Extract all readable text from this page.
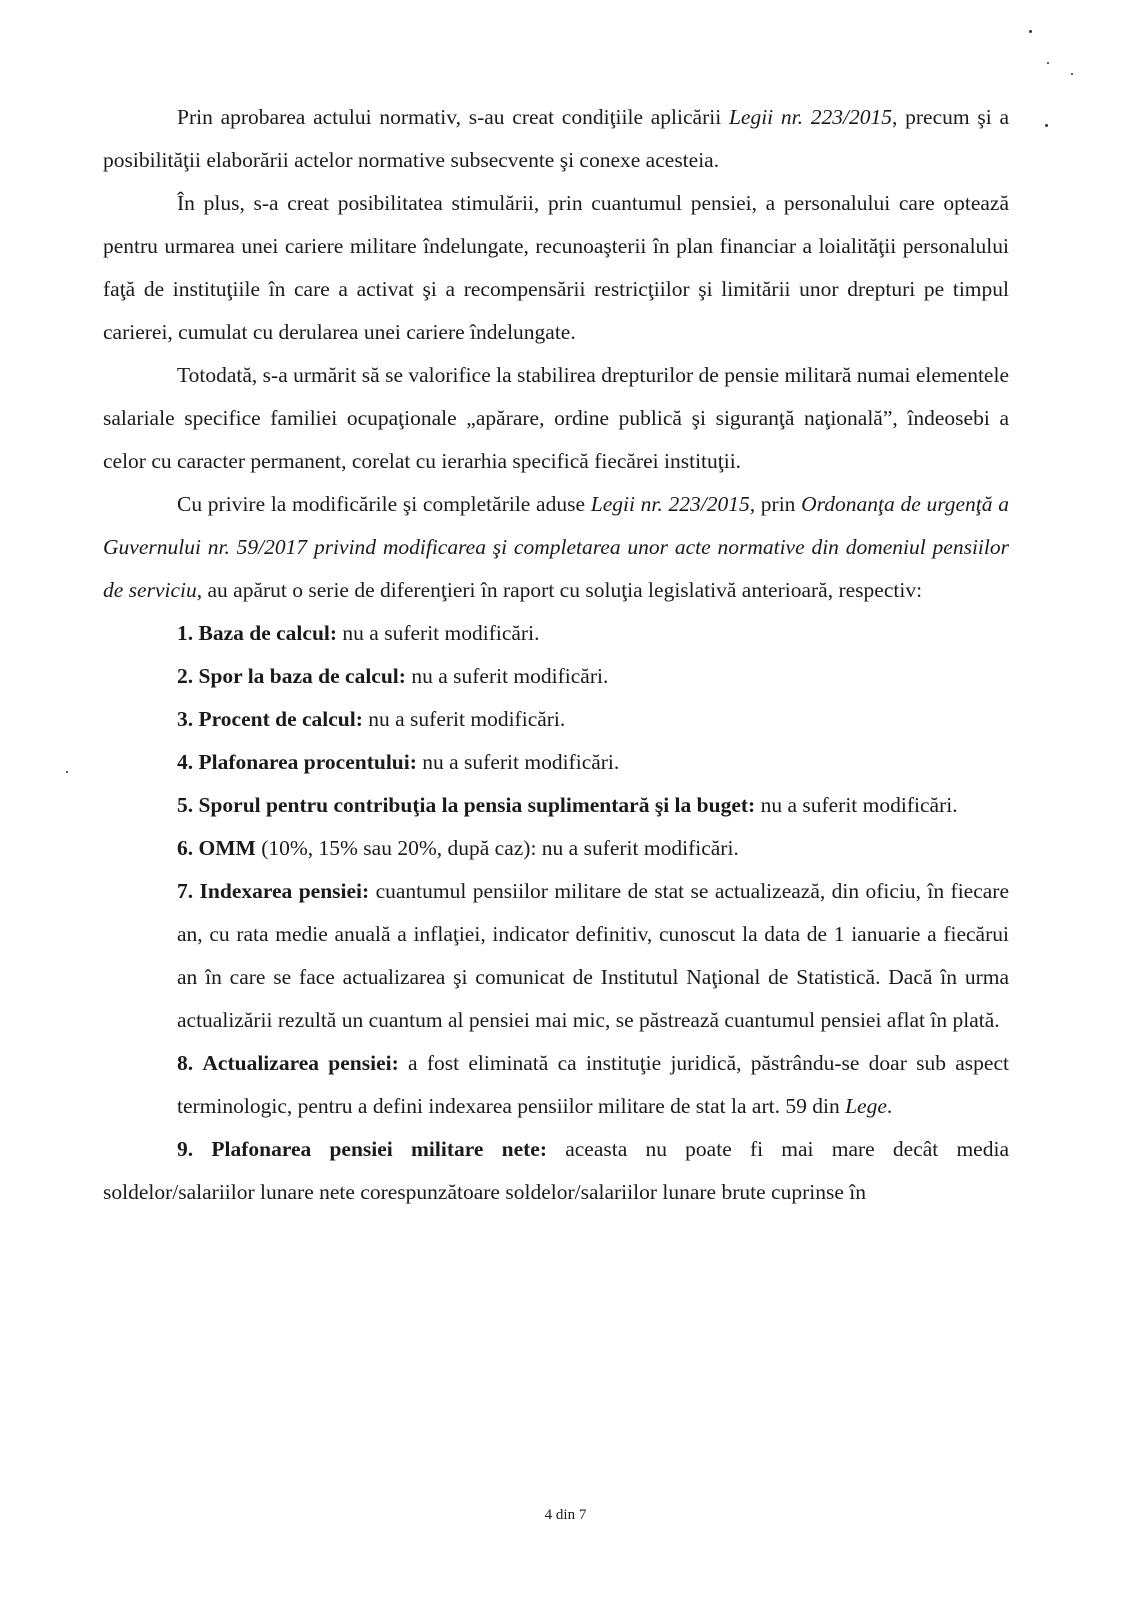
Prin aprobarea actului normativ, s-au creat condiţiile aplicării Legii nr. 223/2015, precum şi a posibilităţii elaborării actelor normative subsecvente şi conexe acesteia.

În plus, s-a creat posibilitatea stimulării, prin cuantumul pensiei, a personalului care optează pentru urmarea unei cariere militare îndelungate, recunoaşterii în plan financiar a loialităţii personalului faţă de instituţiile în care a activat şi a recompensării restricţiilor şi limitării unor drepturi pe timpul carierei, cumulat cu derularea unei cariere îndelungate.

Totodată, s-a urmărit să se valorifice la stabilirea drepturilor de pensie militară numai elementele salariale specifice familiei ocupaţionale „apărare, ordine publică şi siguranţă naţională”, îndeosebi a celor cu caracter permanent, corelat cu ierarhia specifică fiecărei instituţii.

Cu privire la modificările şi completările aduse Legii nr. 223/2015, prin Ordonanţa de urgenţă a Guvernului nr. 59/2017 privind modificarea şi completarea unor acte normative din domeniul pensiilor de serviciu, au apărut o serie de diferenţieri în raport cu soluţia legislativă anterioară, respectiv:

1. Baza de calcul: nu a suferit modificări.

2. Spor la baza de calcul: nu a suferit modificări.

3. Procent de calcul: nu a suferit modificări.

4. Plafonarea procentului: nu a suferit modificări.

5. Sporul pentru contribuţia la pensia suplimentară şi la buget: nu a suferit modificări.

6. OMM (10%, 15% sau 20%, după caz): nu a suferit modificări.

7. Indexarea pensiei: cuantumul pensiilor militare de stat se actualizează, din oficiu, în fiecare an, cu rata medie anuală a inflaţiei, indicator definitiv, cunoscut la data de 1 ianuarie a fiecărui an în care se face actualizarea şi comunicat de Institutul Naţional de Statistică. Dacă în urma actualizării rezultă un cuantum al pensiei mai mic, se păstrează cuantumul pensiei aflat în plată.

8. Actualizarea pensiei: a fost eliminată ca instituţie juridică, păstrându-se doar sub aspect terminologic, pentru a defini indexarea pensiilor militare de stat la art. 59 din Lege.

9. Plafonarea pensiei militare nete: aceasta nu poate fi mai mare decât media soldelor/salariilor lunare nete corespunzătoare soldelor/salariilor lunare brute cuprinse în

4 din 7
